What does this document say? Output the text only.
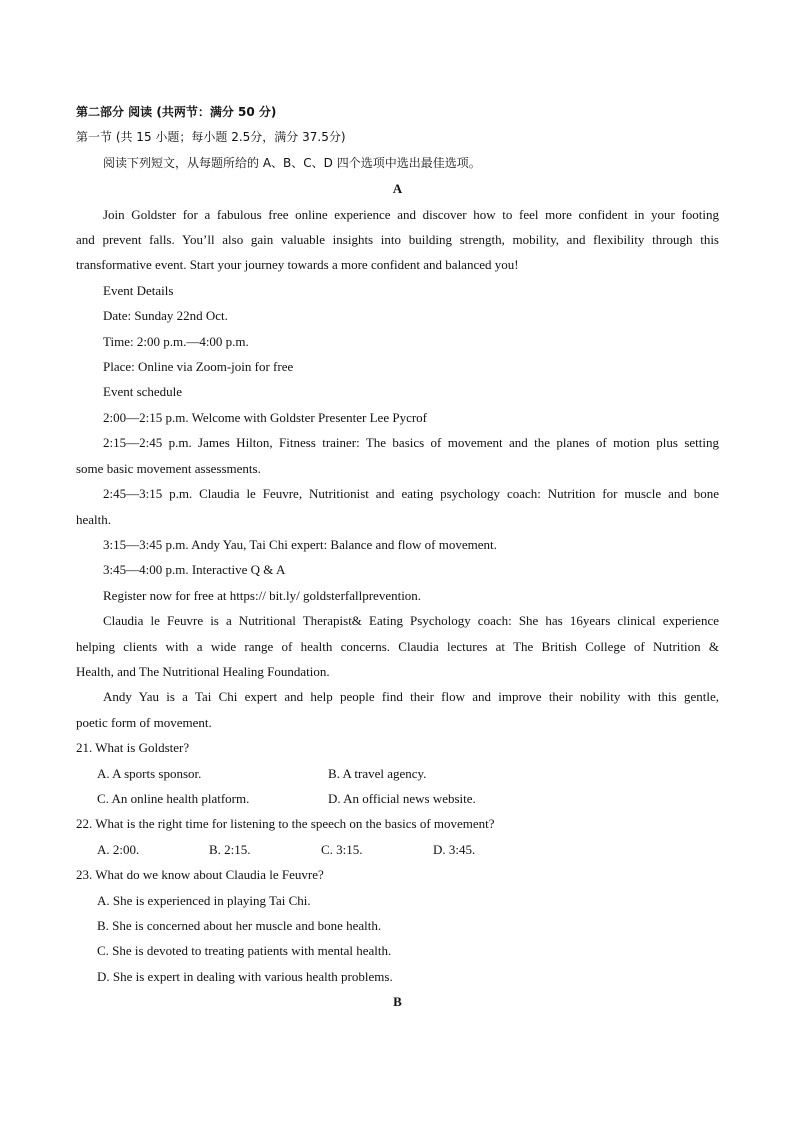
第二部分 阅读 (共两节：满分 50 分)
第一节 (共 15 小题；每小题 2.5分，满分 37.5分)
阅读下列短文，从每题所给的 A、B、C、D 四个选项中选出最佳选项。
A
Join Goldster for a fabulous free online experience and discover how to feel more confident in your footing
and prevent falls. You’ll also gain valuable insights into building strength, mobility, and flexibility through this
transformative event. Start your journey towards a more confident and balanced you!
Event Details
Date: Sunday 22nd Oct.
Time: 2:00 p.m.—4:00 p.m.
Place: Online via Zoom-join for free
Event schedule
2:00—2:15 p.m. Welcome with Goldster Presenter Lee Pycrof
2:15—2:45 p.m. James Hilton, Fitness trainer: The basics of movement and the planes of motion plus setting
some basic movement assessments.
2:45—3:15 p.m. Claudia le Feuvre, Nutritionist and eating psychology coach: Nutrition for muscle and bone
health.
3:15—3:45 p.m. Andy Yau, Tai Chi expert: Balance and flow of movement.
3:45—4:00 p.m. Interactive Q & A
Register now for free at https:// bit.ly/ goldsterfallprevention.
Claudia le Feuvre is a Nutritional Therapist& Eating Psychology coach: She has 16years clinical experience
helping clients with a wide range of health concerns. Claudia lectures at The British College of Nutrition &
Health, and The Nutritional Healing Foundation.
Andy Yau is a Tai Chi expert and help people find their flow and improve their nobility with this gentle,
poetic form of movement.
21. What is Goldster?
A. A sports sponsor.	B. A travel agency.
C. An online health platform.	D. An official news website.
22. What is the right time for listening to the speech on the basics of movement?
A. 2:00.	B. 2:15.	C. 3:15.	D. 3:45.
23. What do we know about Claudia le Feuvre?
A. She is experienced in playing Tai Chi.
B. She is concerned about her muscle and bone health.
C. She is devoted to treating patients with mental health.
D. She is expert in dealing with various health problems.
B
